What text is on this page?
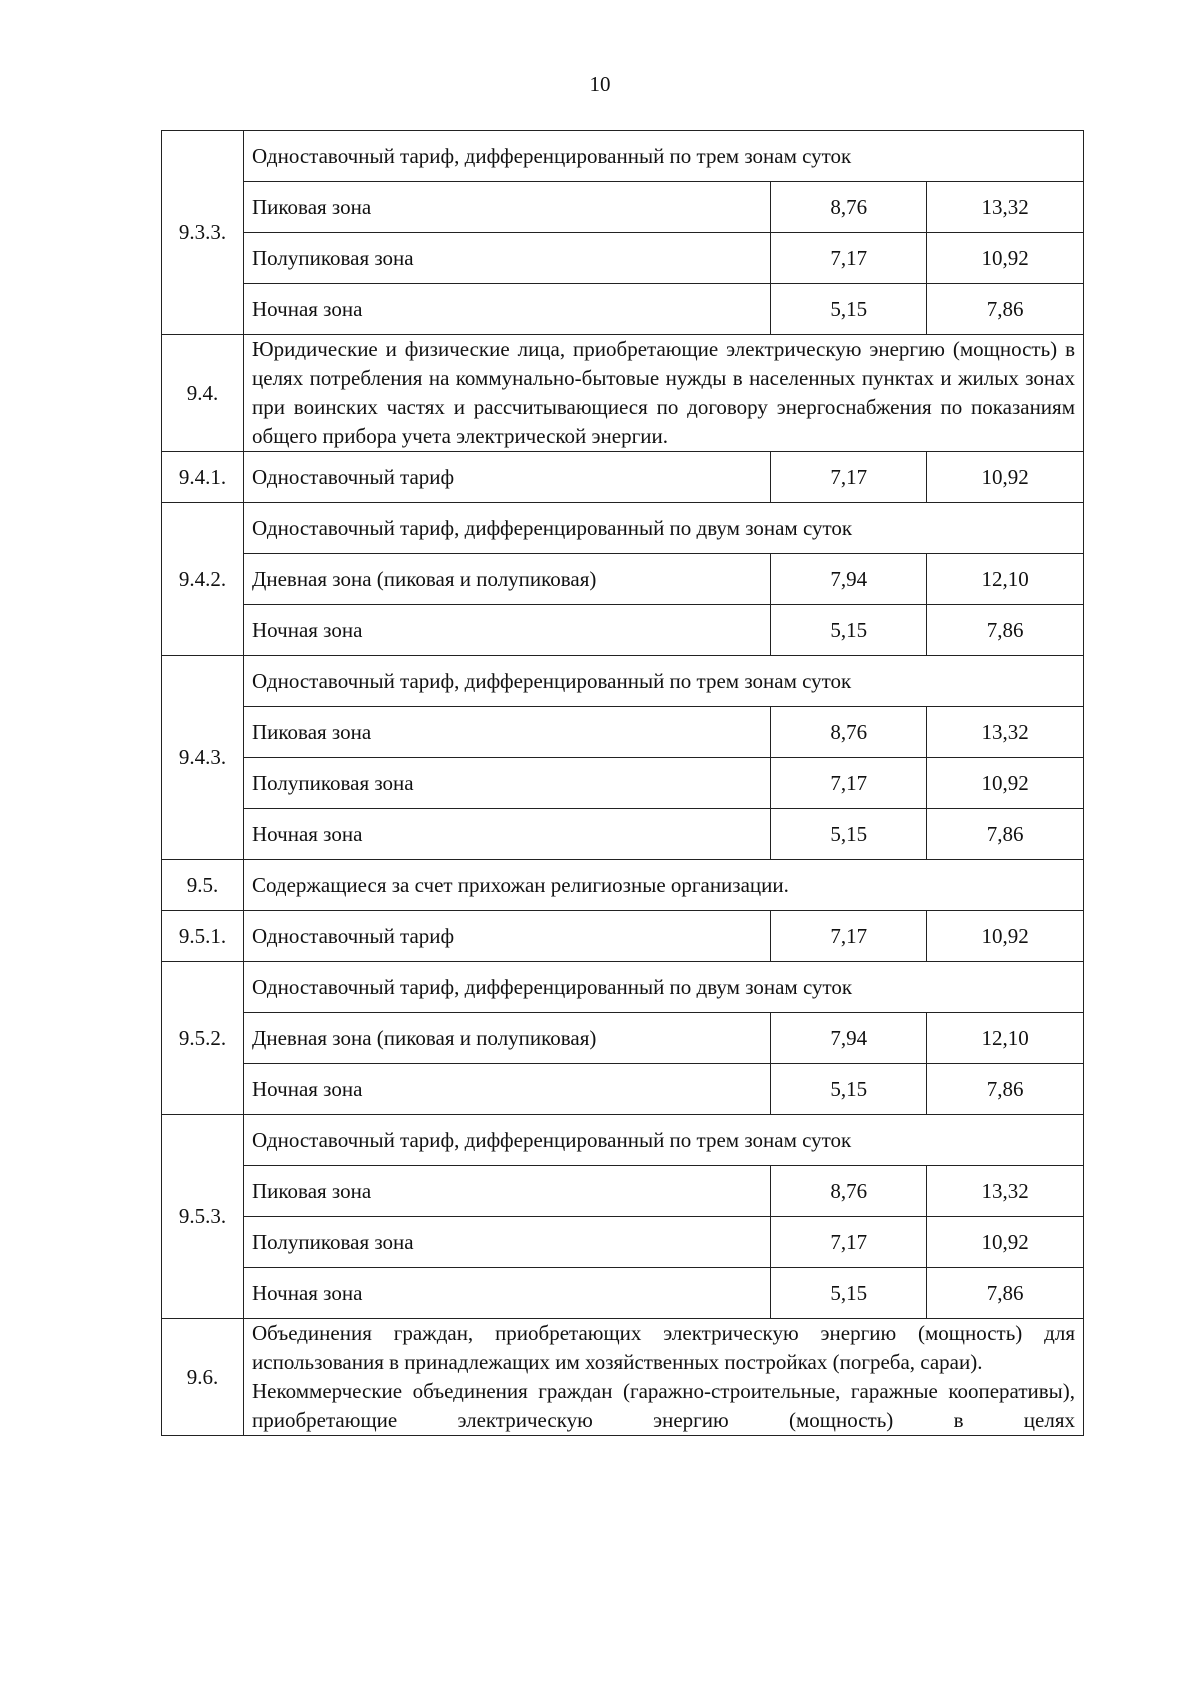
10
9.3.3.	Одноставочный тариф, дифференцированный по трем зонам суток		
	Пиковая зона	8,76	13,32
	Полупиковая зона	7,17	10,92
	Ночная зона	5,15	7,86
9.4.	Юридические и физические лица, приобретающие электрическую энергию (мощность) в целях потребления на коммунально-бытовые нужды в населенных пунктах и жилых зонах при воинских частях и рассчитывающиеся по договору энергоснабжения по показаниям общего прибора учета электрической энергии.		
9.4.1.	Одноставочный тариф	7,17	10,92
9.4.2.	Одноставочный тариф, дифференцированный по двум зонам суток		
	Дневная зона (пиковая и полупиковая)	7,94	12,10
	Ночная зона	5,15	7,86
9.4.3.	Одноставочный тариф, дифференцированный по трем зонам суток		
	Пиковая зона	8,76	13,32
	Полупиковая зона	7,17	10,92
	Ночная зона	5,15	7,86
9.5.	Содержащиеся за счет прихожан религиозные организации.		
9.5.1.	Одноставочный тариф	7,17	10,92
9.5.2.	Одноставочный тариф, дифференцированный по двум зонам суток		
	Дневная зона (пиковая и полупиковая)	7,94	12,10
	Ночная зона	5,15	7,86
9.5.3.	Одноставочный тариф, дифференцированный по трем зонам суток		
	Пиковая зона	8,76	13,32
	Полупиковая зона	7,17	10,92
	Ночная зона	5,15	7,86
9.6.	Объединения граждан, приобретающих электрическую энергию (мощность) для использования в принадлежащих им хозяйственных постройках (погреба, сараи).
Некоммерческие объединения граждан (гаражно-строительные, гаражные кооперативы), приобретающие электрическую энергию (мощность) в целях		
